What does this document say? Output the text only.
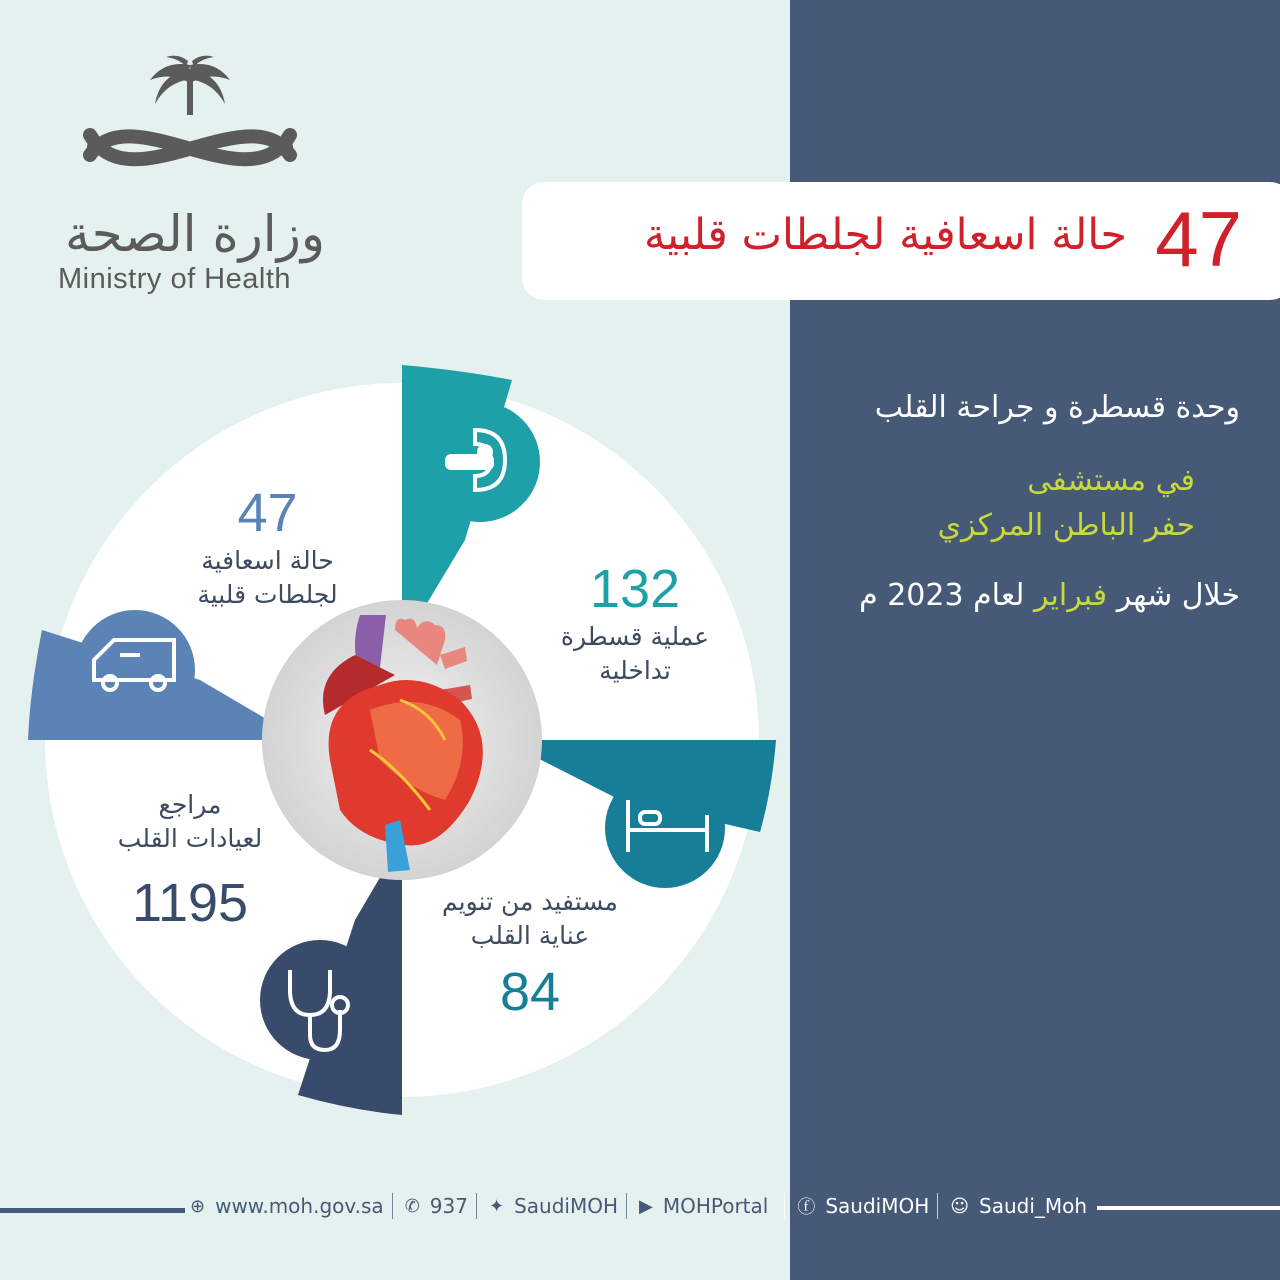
وزارة الصحة
Ministry of Health	47
حالة اسعافية لجلطات قلبية
وحدة قسطرة و جراحة القلب
في مستشفى
حفر الباطن المركزي
خلال شهر فبراير لعام 2023 م
47
حالة اسعافية
لجلطات قلبية	132
عملية قسطرة
تداخلية
مستفيد من تنويم
عناية القلب
84
مراجع
لعيادات القلب
1195
⊕ www.moh.gov.sa ✆ 937 ✦ SaudiMOH ▶ MOHPortal ⓕ SaudiMOH ☺ Saudi_Moh
